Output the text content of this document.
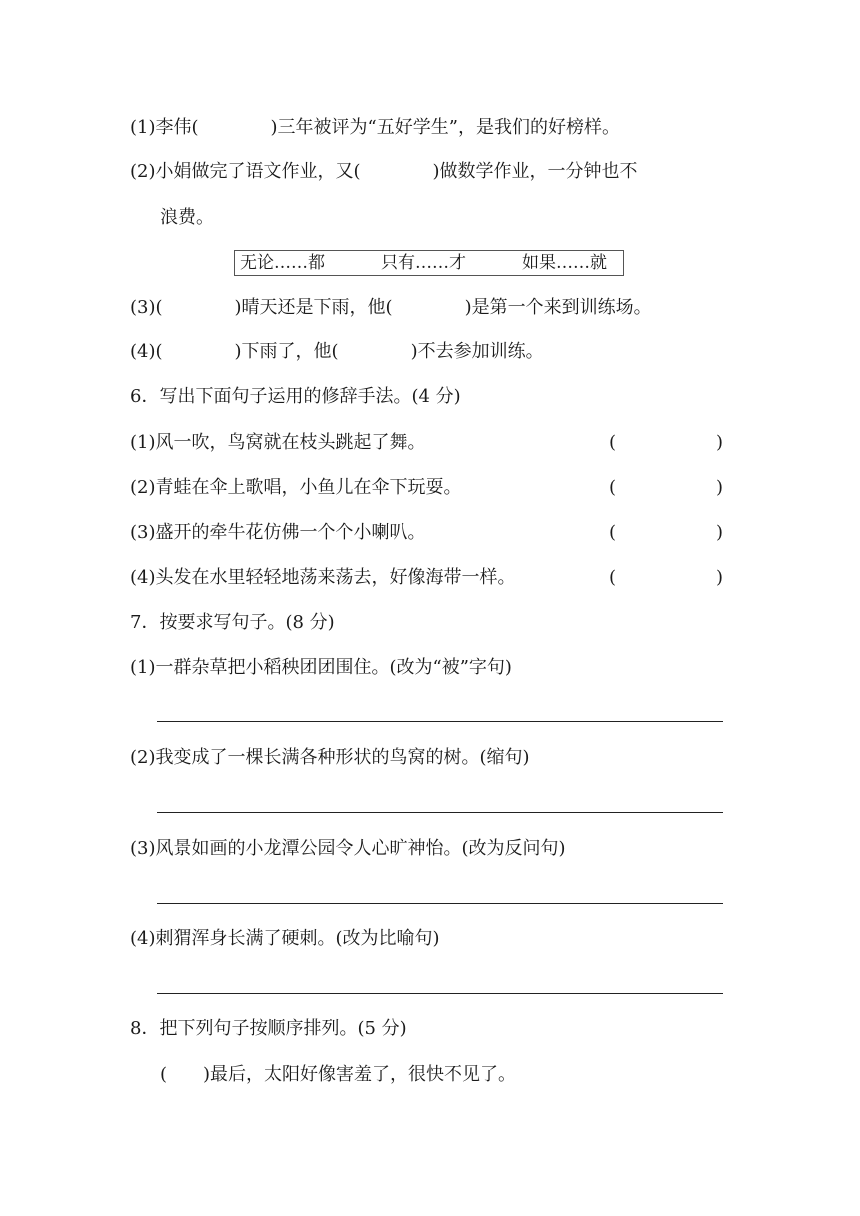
(1)李伟(　　　　)三年被评为“五好学生”，是我们的好榜样。
(2)小娟做完了语文作业，又(　　　　)做数学作业，一分钟也不
浪费。
无论……都	只有……才	如果……就
(3)(　　　　)晴天还是下雨，他(　　　　)是第一个来到训练场。
(4)(　　　　)下雨了，他(　　　　)不去参加训练。
6．写出下面句子运用的修辞手法。(4 分)
(1)风一吹，鸟窝就在枝头跳起了舞。	(	)
(2)青蛙在伞上歌唱，小鱼儿在伞下玩耍。	(	)
(3)盛开的牵牛花仿佛一个个小喇叭。	(	)
(4)头发在水里轻轻地荡来荡去，好像海带一样。	(	)
7．按要求写句子。(8 分)
(1)一群杂草把小稻秧团团围住。(改为“被”字句)
(2)我变成了一棵长满各种形状的鸟窝的树。(缩句)
(3)风景如画的小龙潭公园令人心旷神怡。(改为反问句)
(4)刺猬浑身长满了硬刺。(改为比喻句)
8．把下列句子按顺序排列。(5 分)
(　　)最后，太阳好像害羞了，很快不见了。
